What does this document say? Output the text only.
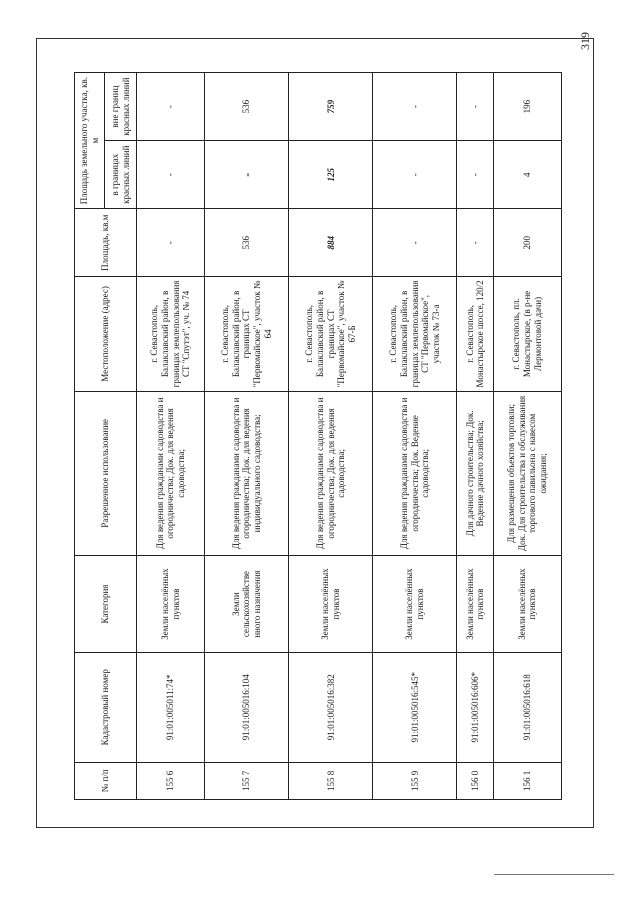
319
№ п/п	Кадастровый номер	Категория	Разрешенное использование	Местоположение (адрес)	Площадь, кв.м	Площадь земельного участка, кв. м	
						в границах красных линий	вне границ красных линий
155 6	91:01:005011:74*	Земли населённых пунктов	Для ведения гражданами садоводства и огородничества; Док. для ведения садоводства;	г. Севастополь, Балаклавский район, в границах землепользования СТ "Спутэт", уч. № 74	-	-	-
155 7	91:01:005016:104	Земли сельскохозяйстве нного назначения	Для ведения гражданами садоводства и огородничества; Док. для ведения индивидуального садоводства;	г. Севастополь, Балаклавский район, в границах СТ "Первомайское", участок № 64	536	-	536
155 8	91:01:005016:382	Земли населённых пунктов	Для ведения гражданами садоводства и огородничества; Док. для ведения садоводства;	г. Севастополь, Балаклавский район, в границах СТ "Первомайское", участок № 67-Б	884	125	759
155 9	91:01:005016:545*	Земли населённых пунктов	Для ведения гражданами садоводства и огородничества; Док. Ведение садоводства;	г. Севастополь, Балаклавский район, в границах землепользования СТ "Первомайское", участок № 73-а	-	-	-
156 0	91:01:005016:606*	Земли населённых пунктов	Для дачного строительства; Док. Ведение дачного хозяйства;	г. Севастополь, Монастырское шоссе, 120/2	-	-	-
156 1	91:01:005016:618	Земли населённых пунктов	Для размещения объектов торговли; Док. Для строительства и обслуживания торгового павильона с навесом ожидания;	г. Севастополь, пл. Монастырское, (в р-не Лермонтовой дачи)	200	4	196
